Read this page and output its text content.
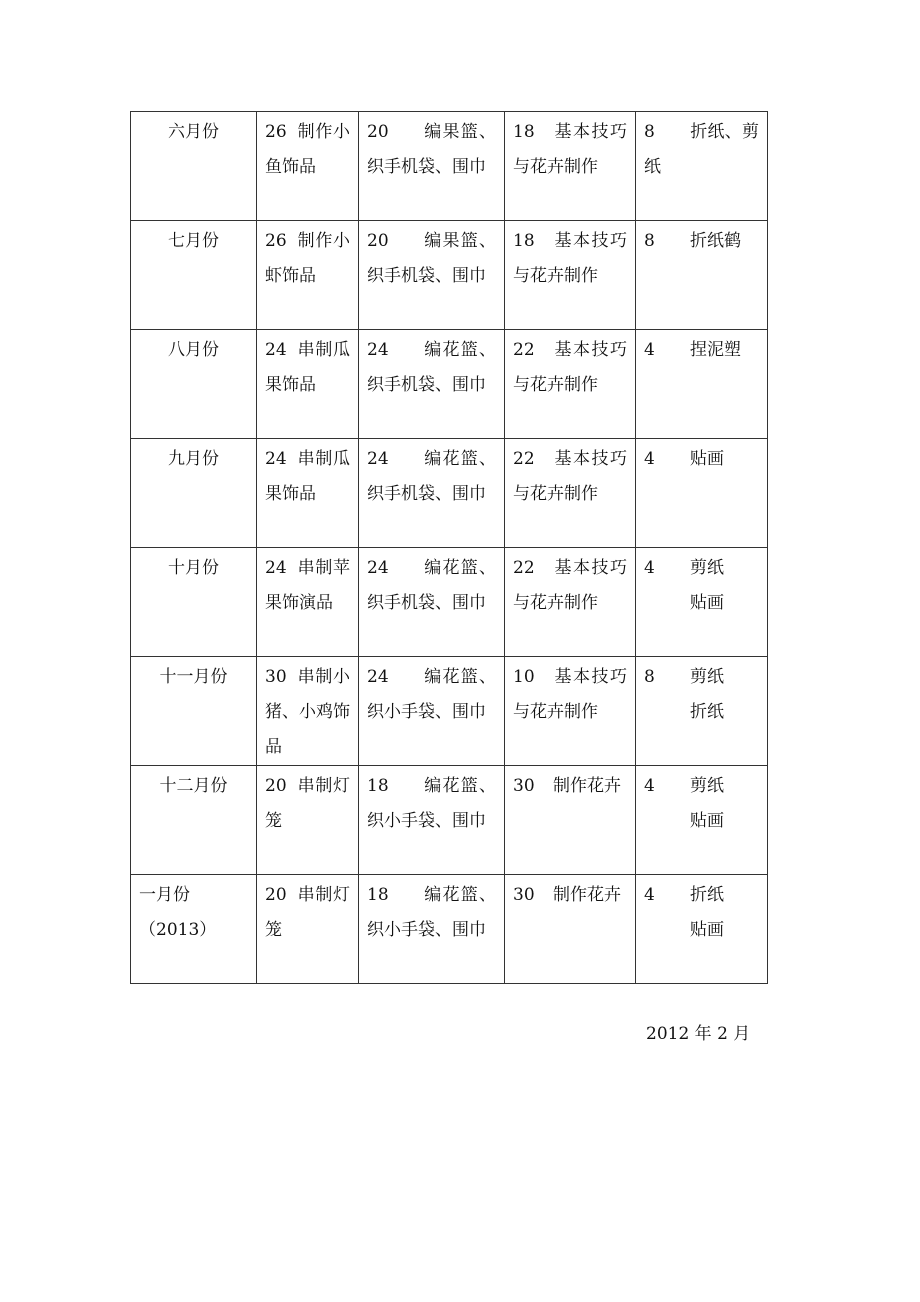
六月份	26 制作小鱼饰品	20 编果篮、织手机袋、围巾	18 基本技巧与花卉制作	8 折纸、剪纸

七月份	26 制作小虾饰品	20 编果篮、织手机袋、围巾	18 基本技巧与花卉制作	8 折纸鹤

八月份	24 串制瓜果饰品	24 编花篮、织手机袋、围巾	22 基本技巧与花卉制作	4 捏泥塑

九月份	24 串制瓜果饰品	24 编花篮、织手机袋、围巾	22 基本技巧与花卉制作	4 贴画

十月份	24 串制苹果饰演品	24 编花篮、织手机袋、围巾	22 基本技巧与花卉制作	4 剪纸
贴画

十一月份	30 串制小猪、小鸡饰品	24 编花篮、织小手袋、围巾	10 基本技巧与花卉制作	8 剪纸
折纸

十二月份	20 串制灯笼	18 编花篮、织小手袋、围巾	30 制作花卉	4 剪纸
贴画

一月份
（2013）	20 串制灯笼	18 编花篮、织小手袋、围巾	30 制作花卉	4 折纸
贴画
2012 年 2 月
